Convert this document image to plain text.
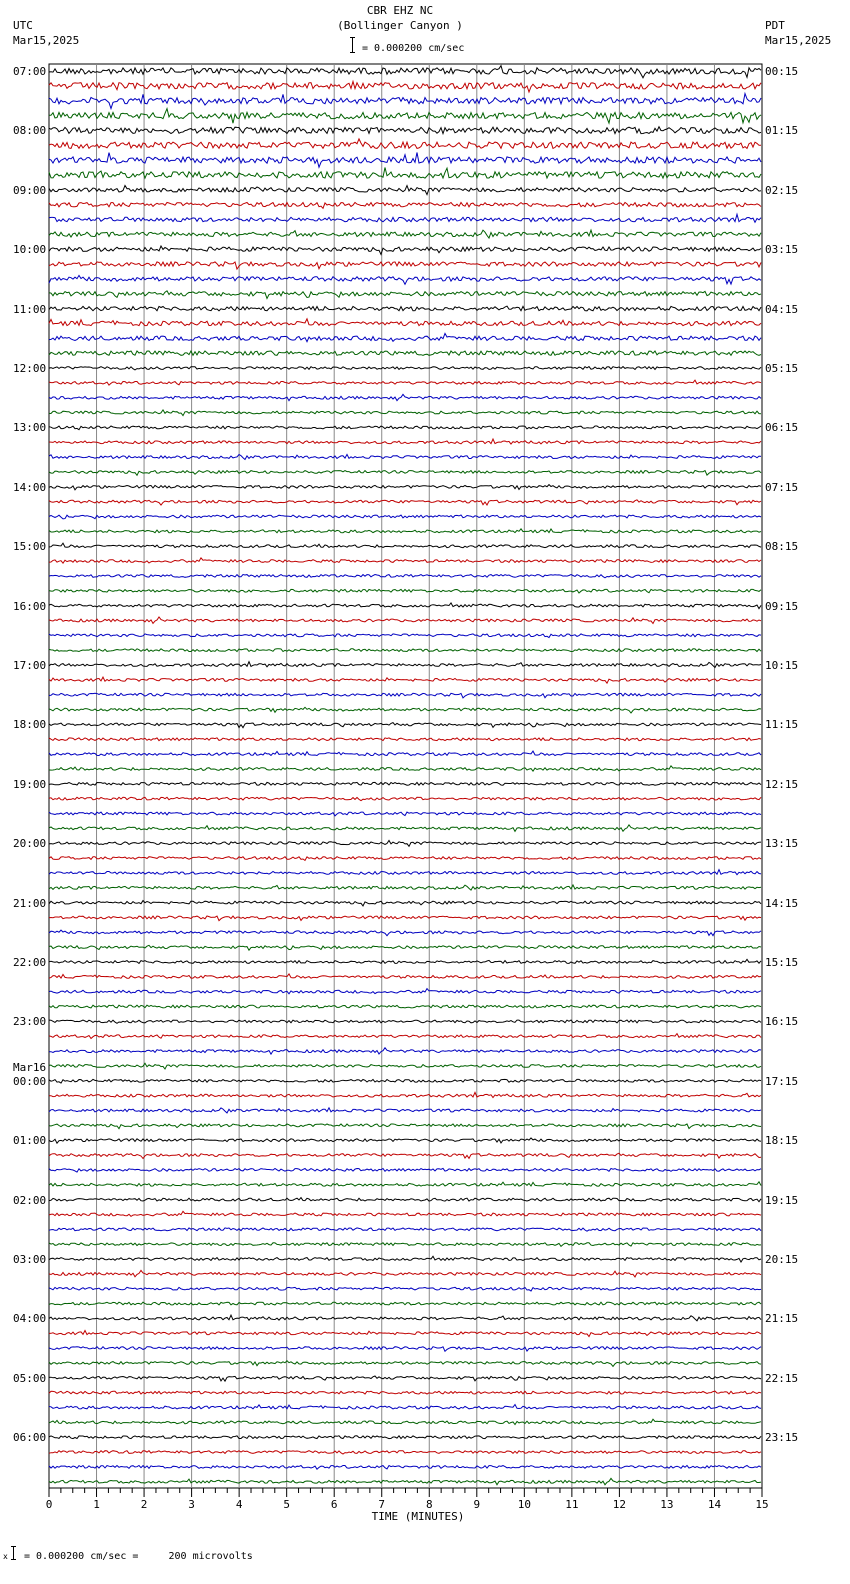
CBR EHZ NC
(Bollinger Canyon )
UTC
Mar15,2025
PDT
Mar15,2025
= 0.000200 cm/sec
0	1	2	3	4	5	6	7	8	9	10	11	12	13	14	15
07:00
08:00
09:00
10:00
11:00
12:00
13:00
14:00
15:00
16:00
17:00
18:00
19:00
20:00
21:00
22:00
23:00
00:00
01:00
02:00
03:00
04:00
05:00
06:00
00:15
01:15
02:15
03:15
04:15
05:15
06:15
07:15
08:15
09:15
10:15
11:15
12:15
13:15
14:15
15:15
16:15
17:15
18:15
19:15
20:15
21:15
22:15
23:15
Mar16
TIME (MINUTES)
x = 0.000200 cm/sec =     200 microvolts
